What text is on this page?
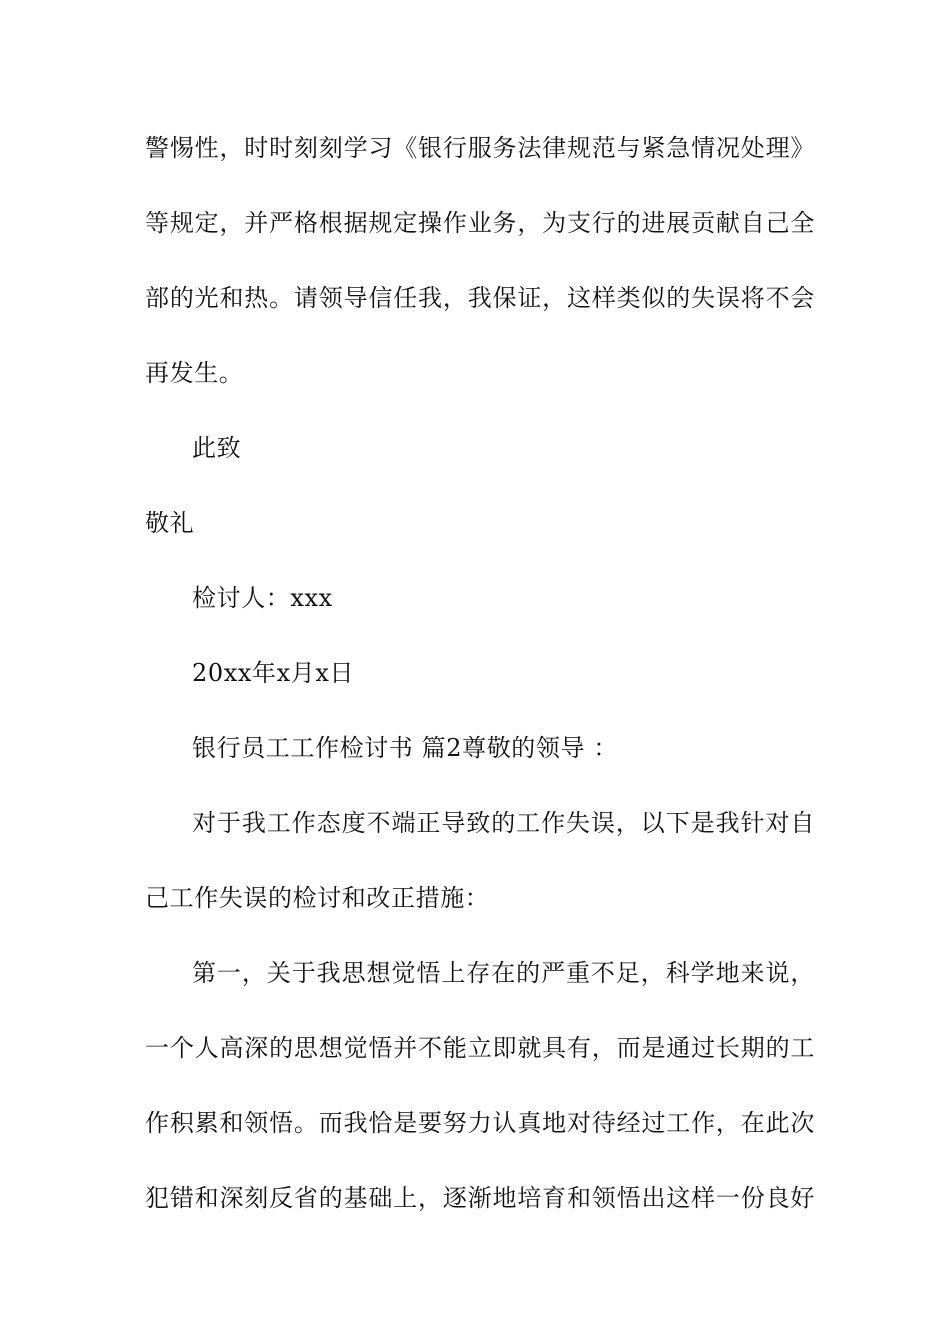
警惕性，时时刻刻学习《银行服务法律规范与紧急情况处理》
等规定，并严格根据规定操作业务，为支行的进展贡献自己全
部的光和热。请领导信任我，我保证，这样类似的失误将不会
再发生。
此致
敬礼
检讨人：xxx
20xx年x月x日
银行员工工作检讨书 篇2尊敬的领导 ：
对于我工作态度不端正导致的工作失误，以下是我针对自
己工作失误的检讨和改正措施：
第一，关于我思想觉悟上存在的严重不足，科学地来说，
一个人高深的思想觉悟并不能立即就具有，而是通过长期的工
作积累和领悟。而我恰是要努力认真地对待经过工作，在此次
犯错和深刻反省的基础上，逐渐地培育和领悟出这样一份良好
